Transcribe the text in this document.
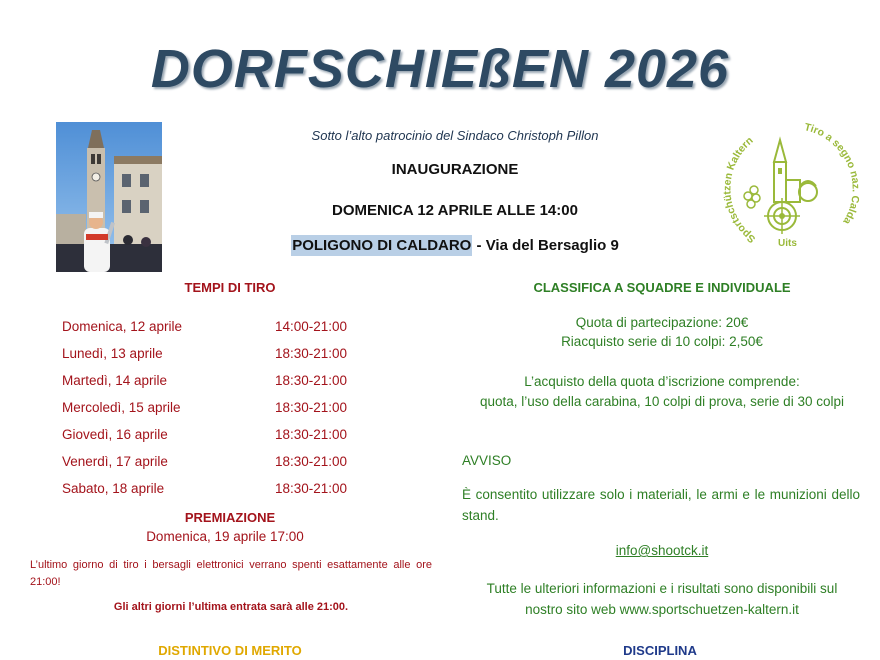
DORFSCHIEßEN 2026
Sotto l’alto patrocinio del Sindaco Christoph Pillon
INAUGURAZIONE
DOMENICA 12 APRILE ALLE 14:00
POLIGONO DI CALDARO - Via del Bersaglio 9	Sportschützen Kaltern
Tiro a segno naz. Calda
Uits
TEMPI DI TIRO
Domenica, 12 aprile	14:00-21:00
Lunedì, 13 aprile	18:30-21:00
Martedì, 14 aprile	18:30-21:00
Mercoledì, 15 aprile	18:30-21:00
Giovedì, 16 aprile	18:30-21:00
Venerdì, 17 aprile	18:30-21:00
Sabato, 18 aprile	18:30-21:00
PREMIAZIONE
Domenica, 19 aprile 17:00
L’ultimo giorno di tiro i bersagli elettronici verrano spenti esattamente alle ore 21:00!
Gli altri giorni l’ultima entrata sarà alle 21:00.
DISTINTIVO DI MERITO
CLASSIFICA A SQUADRE E INDIVIDUALE
Quota di partecipazione: 20€
Riacquisto serie di 10 colpi: 2,50€
L’acquisto della quota d’iscrizione comprende:
quota, l’uso della carabina, 10 colpi di prova, serie di 30 colpi
AVVISO
È consentito utilizzare solo i materiali, le armi e le munizioni dello stand.
info@shootck.it
Tutte le ulteriori informazioni e i risultati sono disponibili sul
nostro sito web www.sportschuetzen-kaltern.it
DISCIPLINA
